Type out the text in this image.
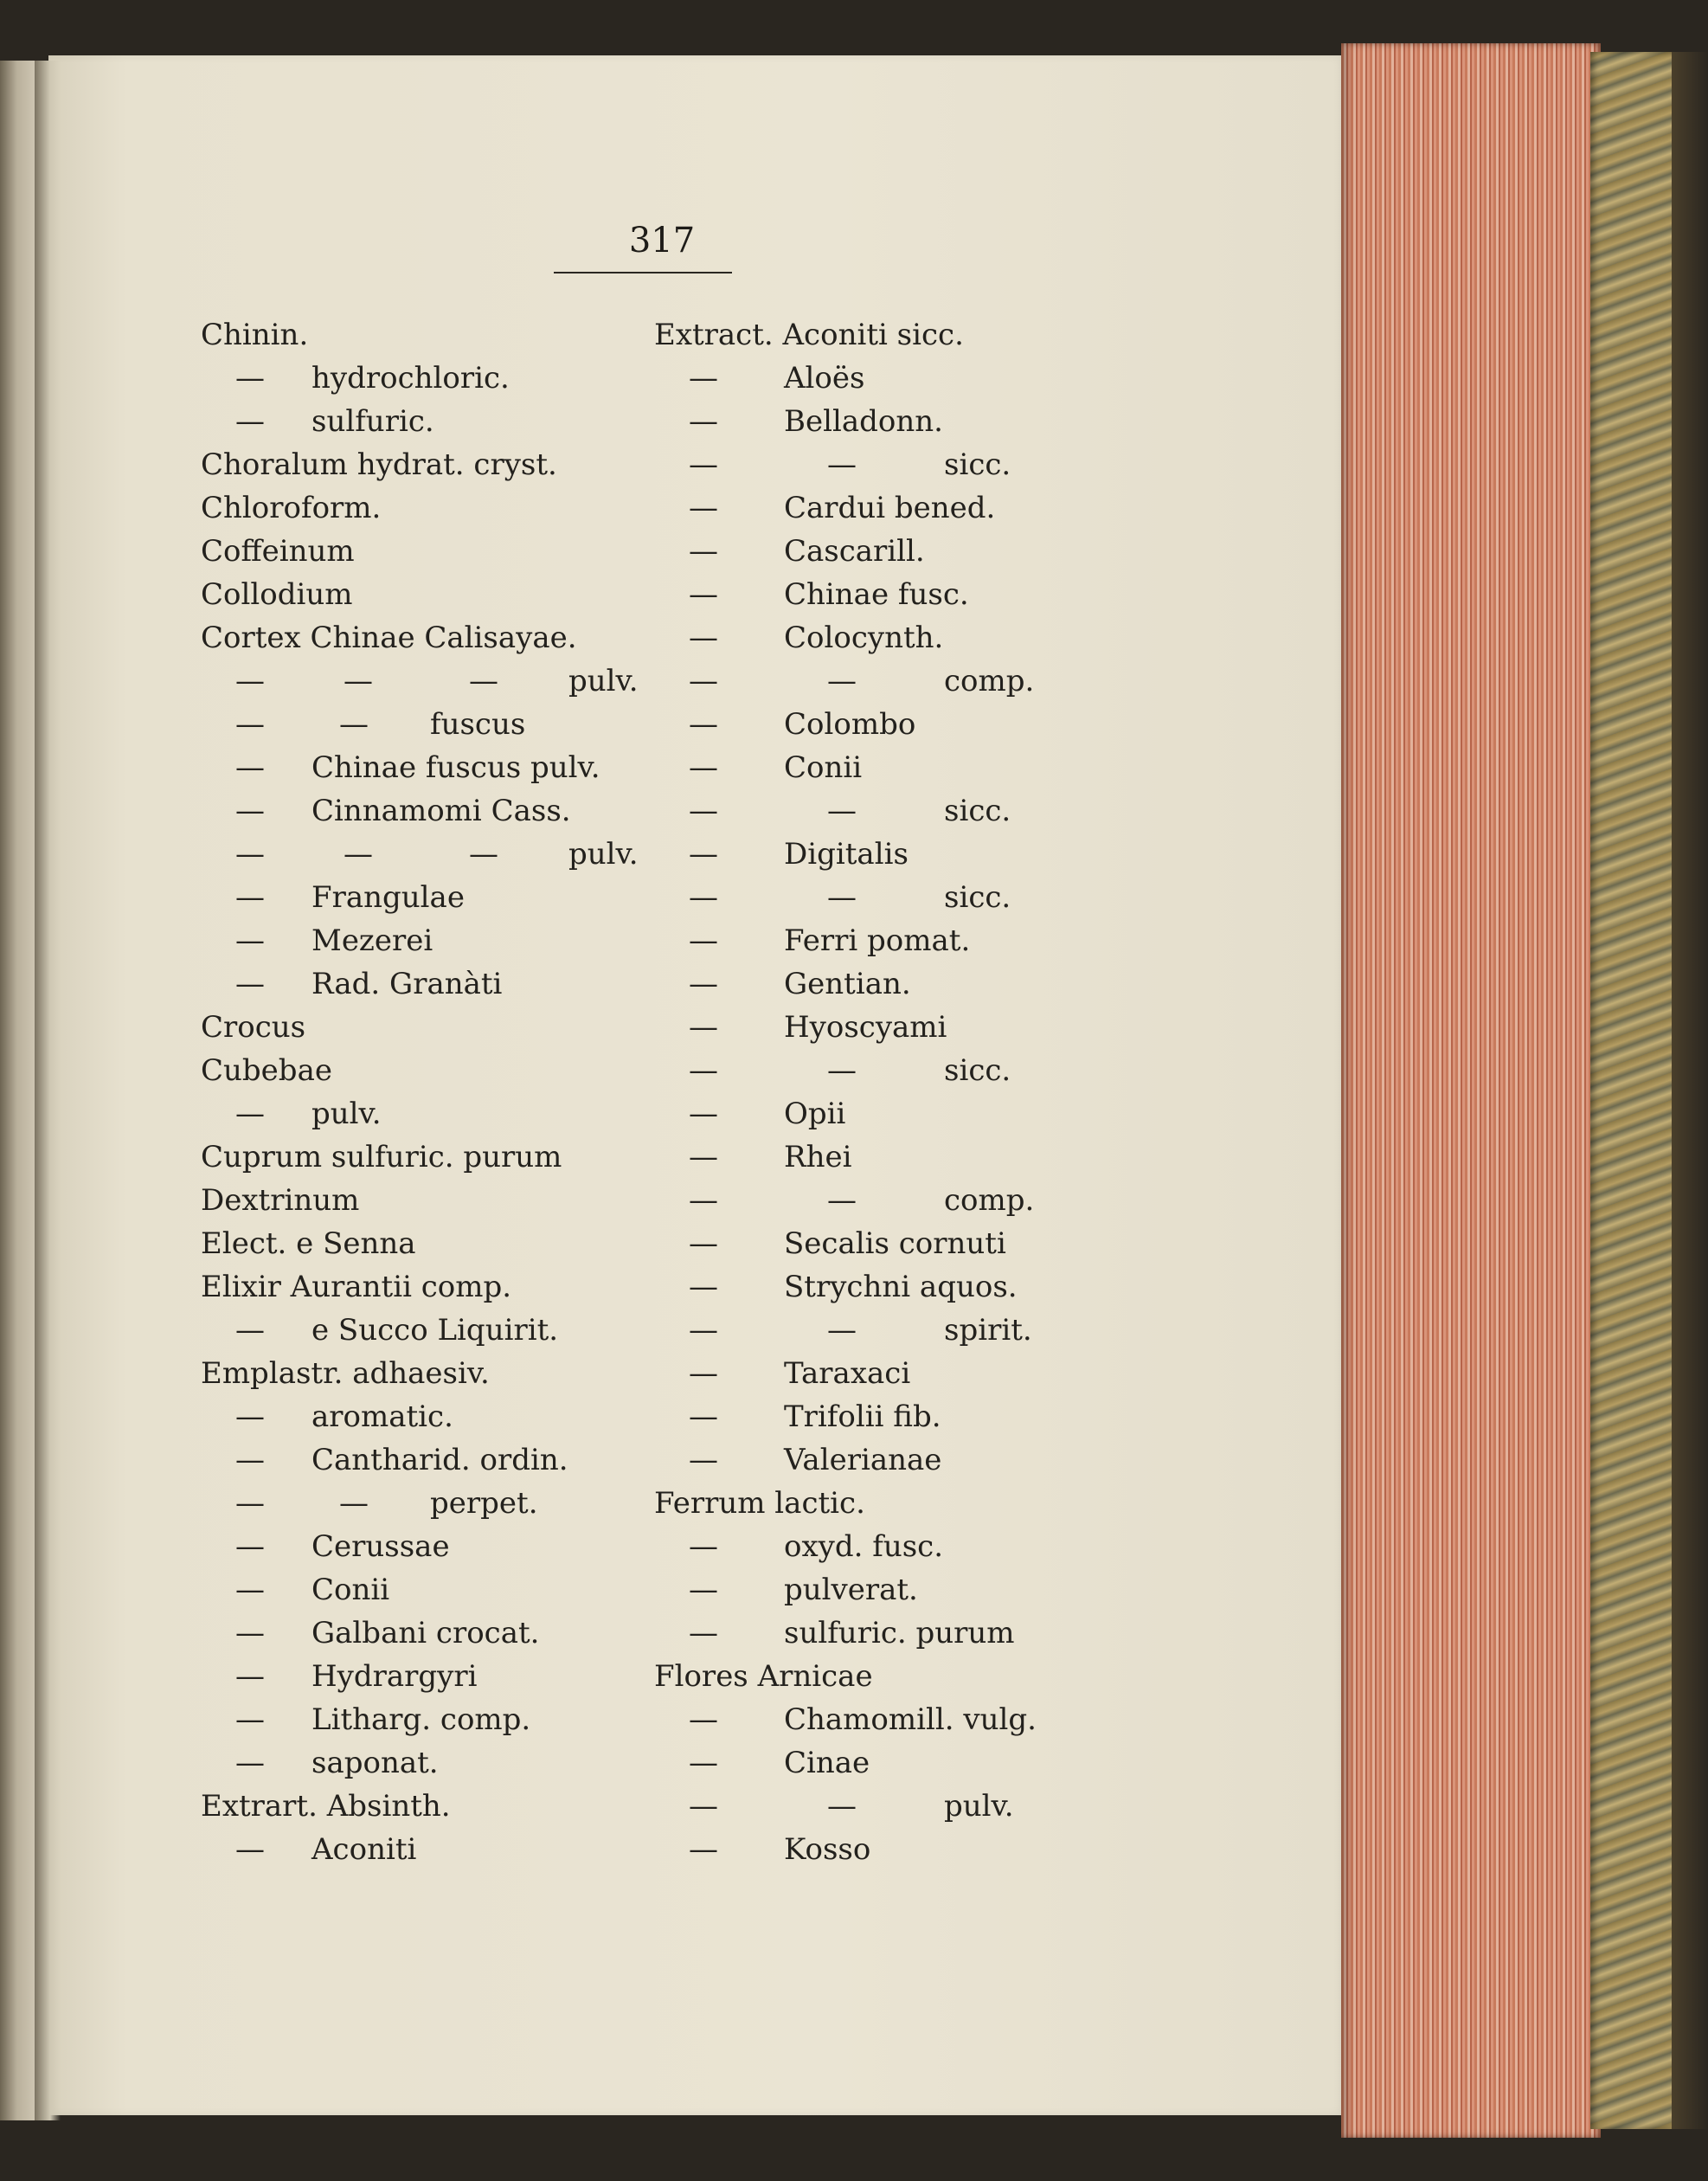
317
Chinin.
— hydrochloric.
— sulfuric.
Choralum hydrat. cryst.
Chloroform.
Coffeinum
Collodium
Cortex Chinae Calisayae.
—	—	— pulv.
—	— fuscus
— Chinae fuscus pulv.
— Cinnamomi Cass.
—	—	— pulv.
— Frangulae
— Mezerei
— Rad. Granàti
Crocus
Cubebae
— pulv.
Cuprum sulfuric. purum
Dextrinum
Elect. e Senna
Elixir Aurantii comp.
— e Succo Liquirit.
Emplastr. adhaesiv.
— aromatic.
— Cantharid. ordin.
—	— perpet.
— Cerussae
— Conii
— Galbani crocat.
— Hydrargyri
— Litharg. comp.
— saponat.
Extrart. Absinth.
— Aconiti
Extract. Aconiti sicc.
— Aloës
— Belladonn.
—	—	sicc.
— Cardui bened.
— Cascarill.
— Chinae fusc.
— Colocynth.
—	—	comp.
— Colombo
— Conii
—	—	sicc.
— Digitalis
—	—	sicc.
— Ferri pomat.
— Gentian.
— Hyoscyami
—	—	sicc.
— Opii
— Rhei
—	—	comp.
— Secalis cornuti
— Strychni aquos.
—	—	spirit.
— Taraxaci
— Trifolii fib.
— Valerianae
Ferrum lactic.
— oxyd. fusc.
— pulverat.
— sulfuric. purum
Flores Arnicae
— Chamomill. vulg.
— Cinae
—	—	pulv.
— Kosso
